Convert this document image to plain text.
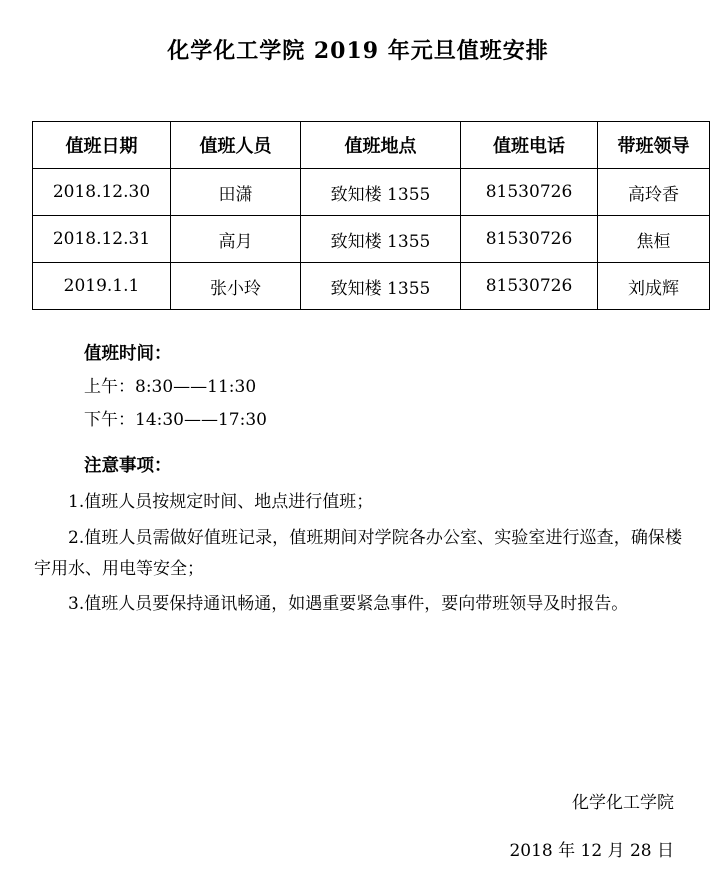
化学化工学院 2019 年元旦值班安排
值班日期	值班人员	值班地点	值班电话	带班领导
2018.12.30	田潇	致知楼 1355	81530726	高玲香
2018.12.31	高月	致知楼 1355	81530726	焦桓
2019.1.1	张小玲	致知楼 1355	81530726	刘成辉
值班时间：
上午：8:30——11:30
下午：14:30——17:30
注意事项：
1.值班人员按规定时间、地点进行值班；
2.值班人员需做好值班记录，值班期间对学院各办公室、实验室进行巡查，确保楼宇用水、用电等安全；
3.值班人员要保持通讯畅通，如遇重要紧急事件，要向带班领导及时报告。
化学化工学院
2018 年 12 月 28 日
